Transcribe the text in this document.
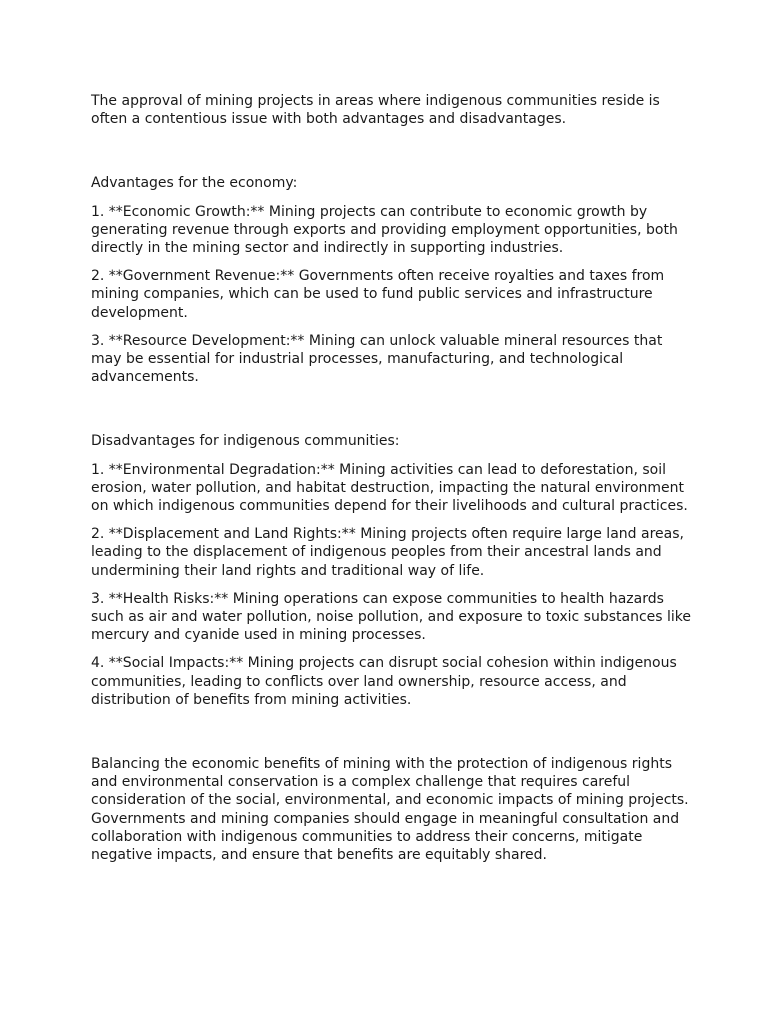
The approval of mining projects in areas where indigenous communities reside is often a contentious issue with both advantages and disadvantages.

Advantages for the economy:

1. **Economic Growth:** Mining projects can contribute to economic growth by generating revenue through exports and providing employment opportunities, both directly in the mining sector and indirectly in supporting industries.

2. **Government Revenue:** Governments often receive royalties and taxes from mining companies, which can be used to fund public services and infrastructure development.

3. **Resource Development:** Mining can unlock valuable mineral resources that may be essential for industrial processes, manufacturing, and technological advancements.

Disadvantages for indigenous communities:

1. **Environmental Degradation:** Mining activities can lead to deforestation, soil erosion, water pollution, and habitat destruction, impacting the natural environment on which indigenous communities depend for their livelihoods and cultural practices.

2. **Displacement and Land Rights:** Mining projects often require large land areas, leading to the displacement of indigenous peoples from their ancestral lands and undermining their land rights and traditional way of life.

3. **Health Risks:** Mining operations can expose communities to health hazards such as air and water pollution, noise pollution, and exposure to toxic substances like mercury and cyanide used in mining processes.

4. **Social Impacts:** Mining projects can disrupt social cohesion within indigenous communities, leading to conflicts over land ownership, resource access, and distribution of benefits from mining activities.

Balancing the economic benefits of mining with the protection of indigenous rights and environmental conservation is a complex challenge that requires careful consideration of the social, environmental, and economic impacts of mining projects. Governments and mining companies should engage in meaningful consultation and collaboration with indigenous communities to address their concerns, mitigate negative impacts, and ensure that benefits are equitably shared.
